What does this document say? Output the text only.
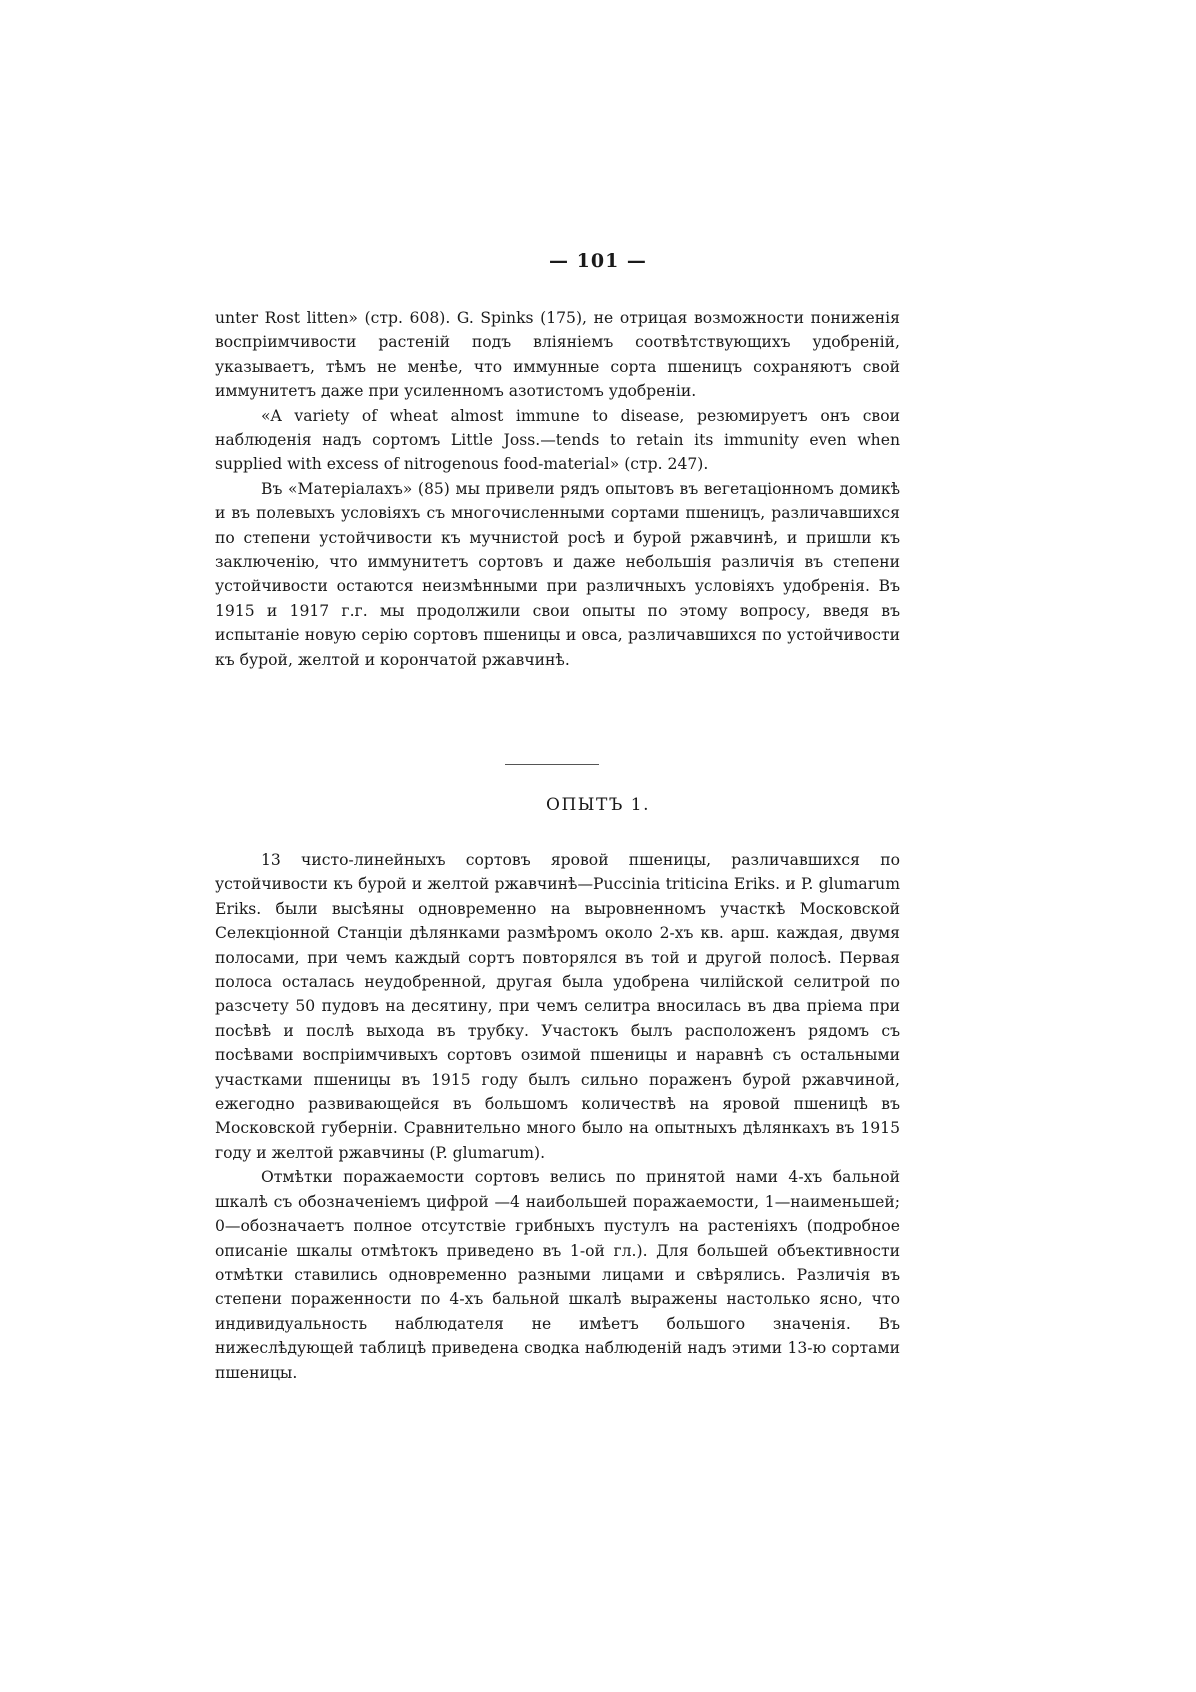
— 101 —

unter Rost litten» (стр. 608). G. Spinks (175), не отрицая возможности пониженія воспріимчивости растеній подъ вліяніемъ соотвѣтствующихъ удобреній, указываетъ, тѣмъ не менѣе, что иммунные сорта пшеницъ сохраняютъ свой иммунитетъ даже при усиленномъ азотистомъ удобреніи.

«A variety of wheat almost immune to disease, резюмируетъ онъ свои наблюденія надъ сортомъ Little Joss.—tends to retain its immunity even when supplied with excess of nitrogenous food-material» (стр. 247).

Въ «Матеріалахъ» (85) мы привели рядъ опытовъ въ вегетаціонномъ домикѣ и въ полевыхъ условіяхъ съ многочисленными сортами пшеницъ, различавшихся по степени устойчивости къ мучнистой росѣ и бурой ржавчинѣ, и пришли къ заключенію, что иммунитетъ сортовъ и даже небольшія различія въ степени устойчивости остаются неизмѣнными при различныхъ условіяхъ удобренія. Въ 1915 и 1917 г.г. мы продолжили свои опыты по этому вопросу, введя въ испытаніе новую серію сортовъ пшеницы и овса, различавшихся по устойчивости къ бурой, желтой и корончатой ржавчинѣ.

ОПЫТЪ 1.

13 чисто-линейныхъ сортовъ яровой пшеницы, различавшихся по устойчивости къ бурой и желтой ржавчинѣ—Puccinia triticina Eriks. и P. glumarum Eriks. были высѣяны одновременно на выровненномъ участкѣ Московской Селекціонной Станціи дѣлянками размѣромъ около 2-хъ кв. арш. каждая, двумя полосами, при чемъ каждый сортъ повторялся въ той и другой полосѣ. Первая полоса осталась неудобренной, другая была удобрена чилійской селитрой по разсчету 50 пудовъ на десятину, при чемъ селитра вносилась въ два пріема при посѣвѣ и послѣ выхода въ трубку. Участокъ былъ расположенъ рядомъ съ посѣвами воспріимчивыхъ сортовъ озимой пшеницы и наравнѣ съ остальными участками пшеницы въ 1915 году былъ сильно пораженъ бурой ржавчиной, ежегодно развивающейся въ большомъ количествѣ на яровой пшеницѣ въ Московской губерніи. Сравнительно много было на опытныхъ дѣлянкахъ въ 1915 году и желтой ржавчины (P. glumarum).

Отмѣтки поражаемости сортовъ велись по принятой нами 4-хъ бальной шкалѣ съ обозначеніемъ цифрой —4 наибольшей поражаемости, 1—наименьшей; 0—обозначаетъ полное отсутствіе грибныхъ пустулъ на растеніяхъ (подробное описаніе шкалы отмѣтокъ приведено въ 1-ой гл.). Для большей объективности отмѣтки ставились одновременно разными лицами и свѣрялись. Различія въ степени пораженности по 4-хъ бальной шкалѣ выражены настолько ясно, что индивидуальность наблюдателя не имѣетъ большого значенія. Въ нижеслѣдующей таблицѣ приведена сводка наблюденій надъ этими 13-ю сортами пшеницы.
